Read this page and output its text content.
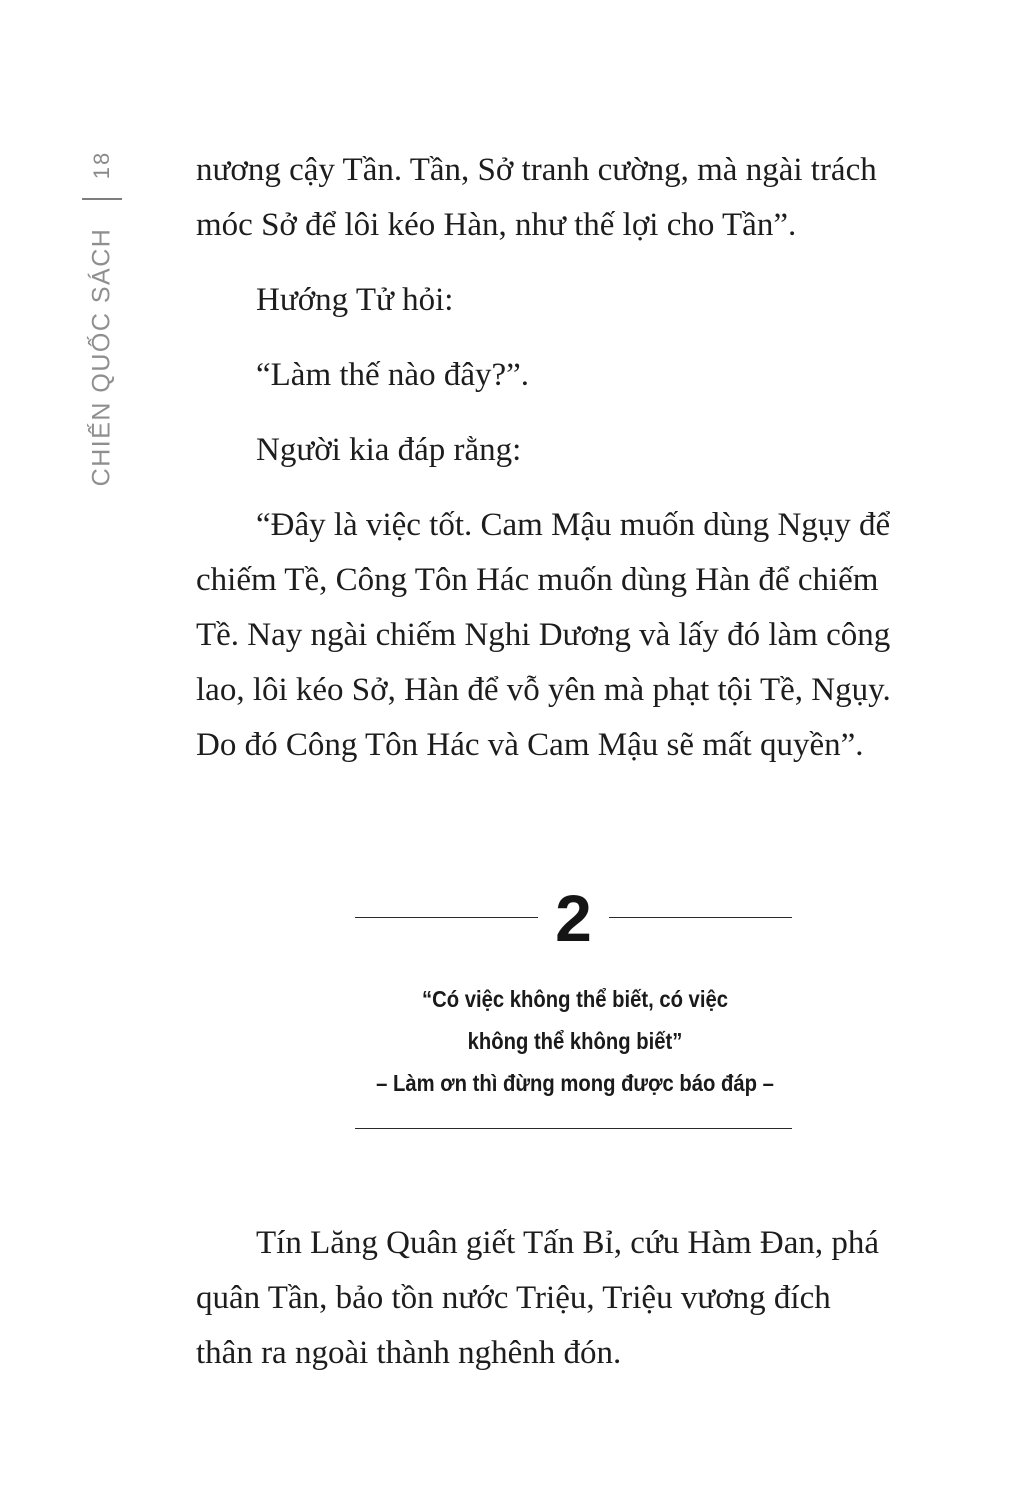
18
CHIẾN QUỐC SÁCH

nương cậy Tần. Tần, Sở tranh cường, mà ngài trách
móc Sở để lôi kéo Hàn, như thế lợi cho Tần”.

Hướng Tử hỏi:

“Làm thế nào đây?”.

Người kia đáp rằng:

“Đây là việc tốt. Cam Mậu muốn dùng Ngụy để
chiếm Tề, Công Tôn Hác muốn dùng Hàn để chiếm
Tề. Nay ngài chiếm Nghi Dương và lấy đó làm công
lao, lôi kéo Sở, Hàn để vỗ yên mà phạt tội Tề, Ngụy.
Do đó Công Tôn Hác và Cam Mậu sẽ mất quyền”.

2
“Có việc không thể biết, có việc
không thể không biết”
– Làm ơn thì đừng mong được báo đáp –
Tín Lăng Quân giết Tấn Bỉ, cứu Hàm Đan, phá
quân Tần, bảo tồn nước Triệu, Triệu vương đích
thân ra ngoài thành nghênh đón.
